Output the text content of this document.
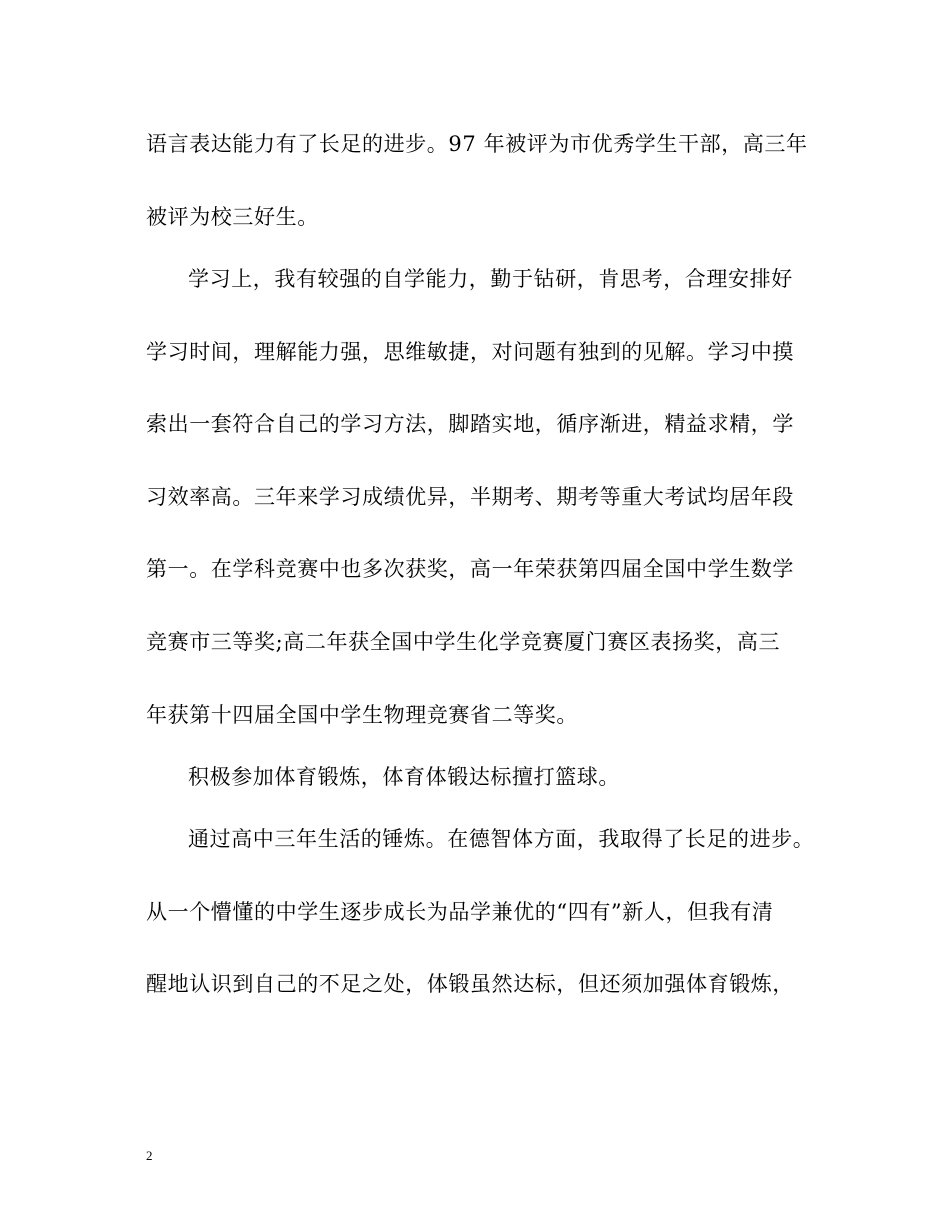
语言表达能力有了长足的进步。97 年被评为市优秀学生干部，高三年
被评为校三好生。
学习上，我有较强的自学能力，勤于钻研，肯思考，合理安排好
学习时间，理解能力强，思维敏捷，对问题有独到的见解。学习中摸
索出一套符合自己的学习方法，脚踏实地，循序渐进，精益求精，学
习效率高。三年来学习成绩优异，半期考、期考等重大考试均居年段
第一。在学科竞赛中也多次获奖，高一年荣获第四届全国中学生数学
竞赛市三等奖;高二年获全国中学生化学竞赛厦门赛区表扬奖，高三
年获第十四届全国中学生物理竞赛省二等奖。
积极参加体育锻炼，体育体锻达标擅打篮球。
通过高中三年生活的锤炼。在德智体方面，我取得了长足的进步。
从一个懵懂的中学生逐步成长为品学兼优的“四有”新人，但我有清
醒地认识到自己的不足之处，体锻虽然达标，但还须加强体育锻炼，
2
